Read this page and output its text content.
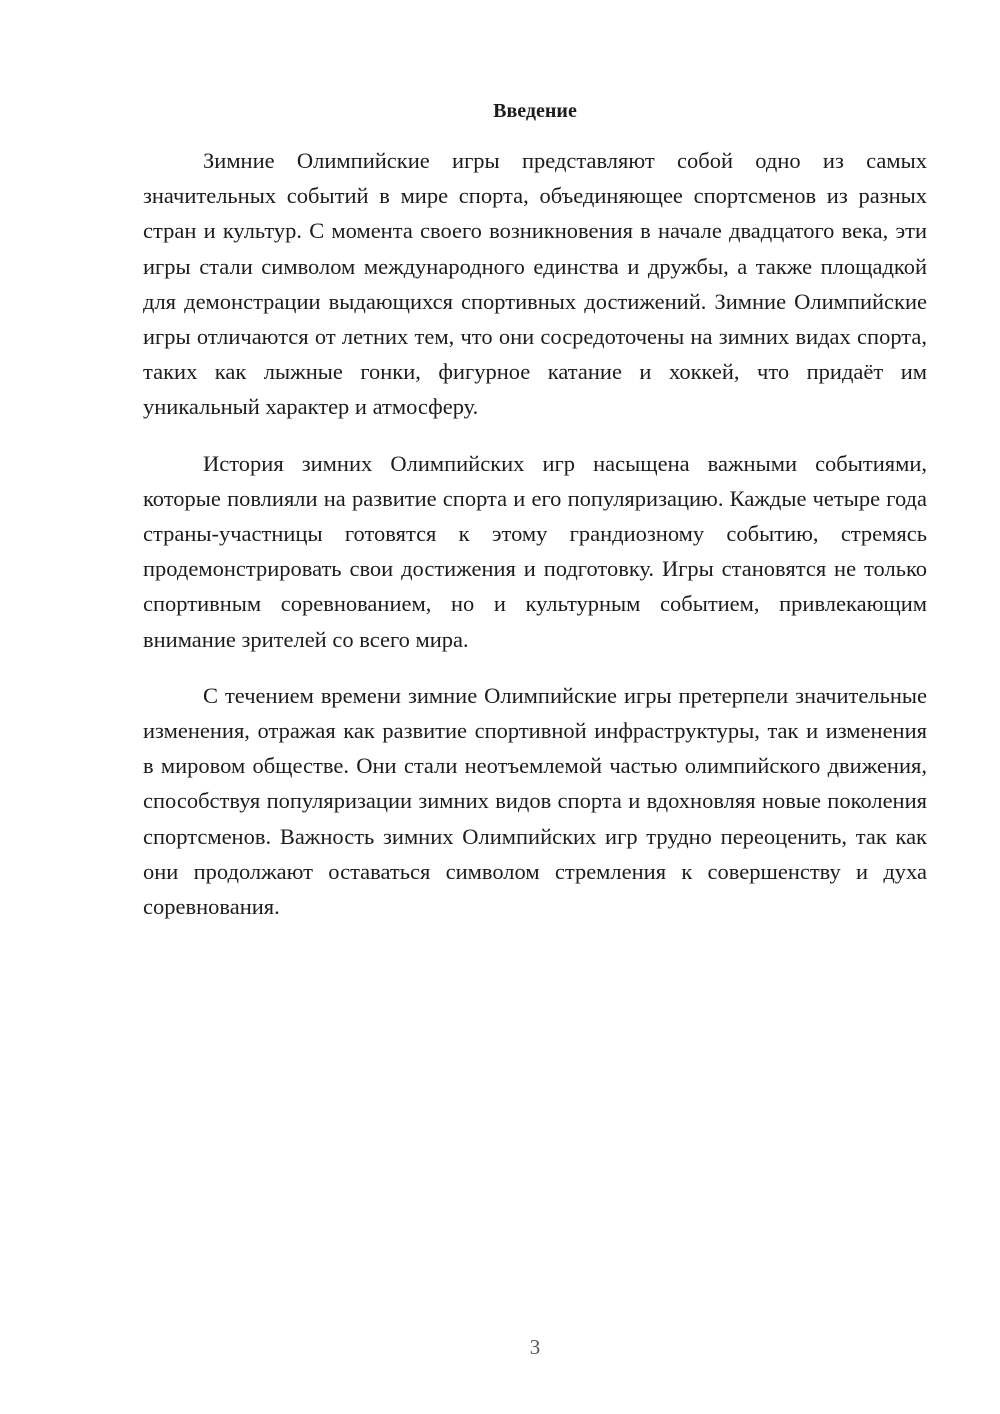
Введение

Зимние Олимпийские игры представляют собой одно из самых значительных событий в мире спорта, объединяющее спортсменов из разных стран и культур. С момента своего возникновения в начале двадцатого века, эти игры стали символом международного единства и дружбы, а также площадкой для демонстрации выдающихся спортивных достижений. Зимние Олимпийские игры отличаются от летних тем, что они сосредоточены на зимних видах спорта, таких как лыжные гонки, фигурное катание и хоккей, что придаёт им уникальный характер и атмосферу.

История зимних Олимпийских игр насыщена важными событиями, которые повлияли на развитие спорта и его популяризацию. Каждые четыре года страны-участницы готовятся к этому грандиозному событию, стремясь продемонстрировать свои достижения и подготовку. Игры становятся не только спортивным соревнованием, но и культурным событием, привлекающим внимание зрителей со всего мира.

С течением времени зимние Олимпийские игры претерпели значительные изменения, отражая как развитие спортивной инфраструктуры, так и изменения в мировом обществе. Они стали неотъемлемой частью олимпийского движения, способствуя популяризации зимних видов спорта и вдохновляя новые поколения спортсменов. Важность зимних Олимпийских игр трудно переоценить, так как они продолжают оставаться символом стремления к совершенству и духа соревнования.

3
